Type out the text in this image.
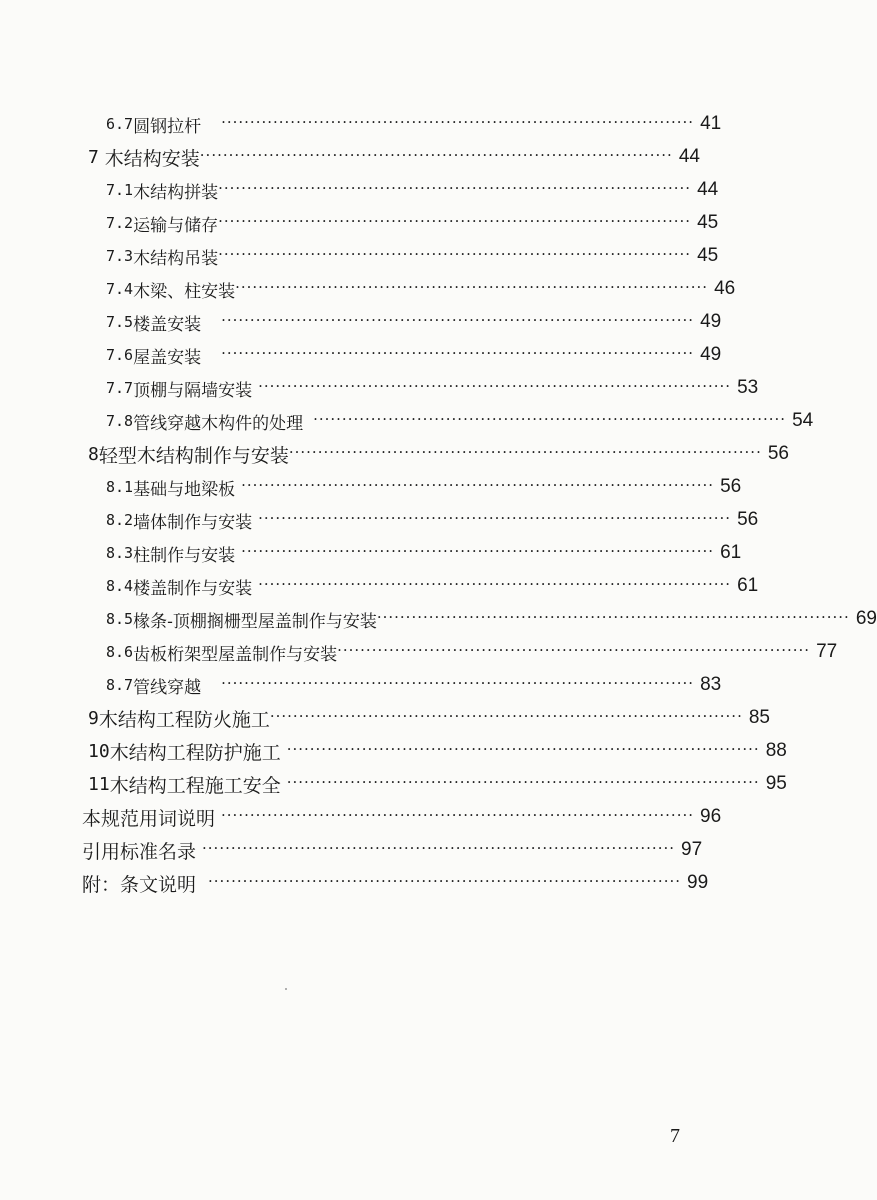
6.7 圆钢拉杆 ·················································································· 41
7 木结构安装 ·················································································· 44
7.1 木结构拼装 ·················································································· 44
7.2 运输与储存 ·················································································· 45
7.3 木结构吊装 ·················································································· 45
7.4 木梁、柱安装 ·················································································· 46
7.5 楼盖安装 ·················································································· 49
7.6 屋盖安装 ·················································································· 49
7.7 顶棚与隔墙安装 ·················································································· 53
7.8 管线穿越木构件的处理 ·················································································· 54
8 轻型木结构制作与安装 ·················································································· 56
8.1 基础与地梁板 ·················································································· 56
8.2 墙体制作与安装 ·················································································· 56
8.3 柱制作与安装 ·················································································· 61
8.4 楼盖制作与安装 ·················································································· 61
8.5 椽条-顶棚搁栅型屋盖制作与安装 ·················································································· 69
8.6 齿板桁架型屋盖制作与安装 ·················································································· 77
8.7 管线穿越 ·················································································· 83
9 木结构工程防火施工 ·················································································· 85
10 木结构工程防护施工 ·················································································· 88
11 木结构工程施工安全 ·················································································· 95
本规范用词说明 ·················································································· 96
引用标准名录 ·················································································· 97
附：条文说明 ·················································································· 99
7
